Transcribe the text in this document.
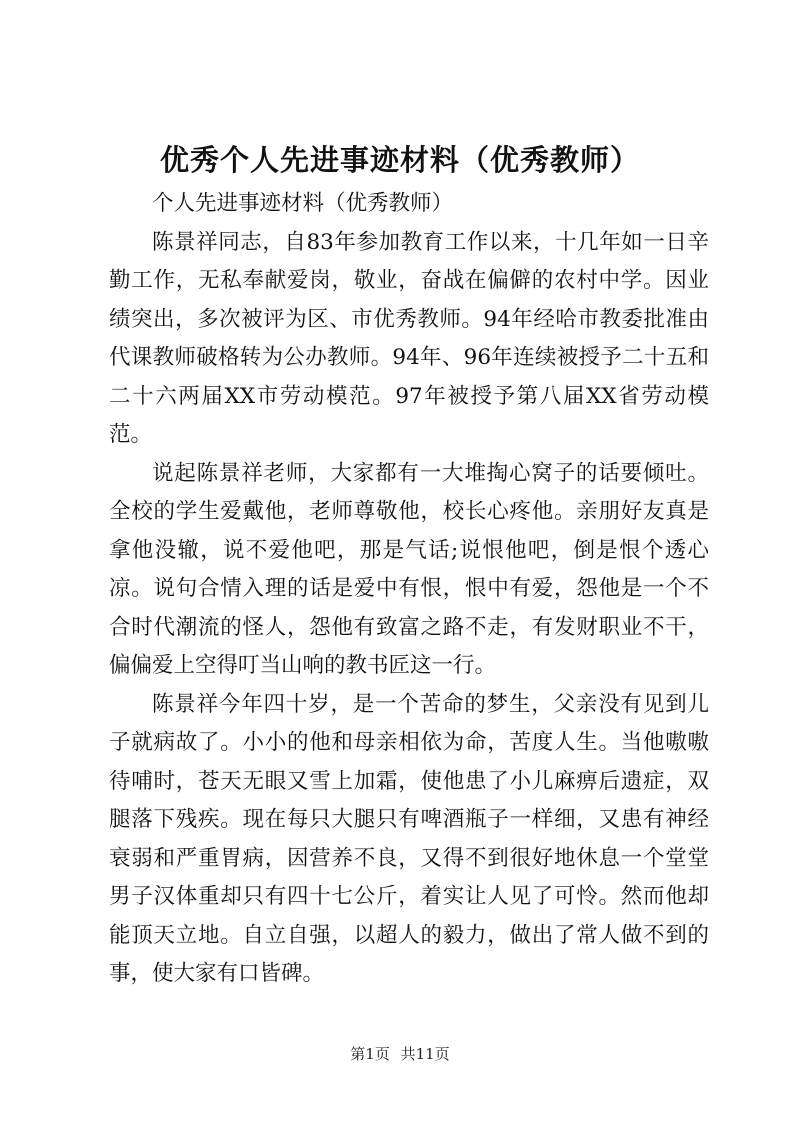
优秀个人先进事迹材料（优秀教师）

个人先进事迹材料（优秀教师）

陈景祥同志，自83年参加教育工作以来，十几年如一日辛勤工作，无私奉献爱岗，敬业，奋战在偏僻的农村中学。因业绩突出，多次被评为区、市优秀教师。94年经哈市教委批准由代课教师破格转为公办教师。94年、96年连续被授予二十五和二十六两届XX市劳动模范。97年被授予第八届XX省劳动模范。

说起陈景祥老师，大家都有一大堆掏心窝子的话要倾吐。全校的学生爱戴他，老师尊敬他，校长心疼他。亲朋好友真是拿他没辙，说不爱他吧，那是气话;说恨他吧，倒是恨个透心凉。说句合情入理的话是爱中有恨，恨中有爱，怨他是一个不合时代潮流的怪人，怨他有致富之路不走，有发财职业不干，偏偏爱上空得叮当山响的教书匠这一行。

陈景祥今年四十岁，是一个苦命的梦生，父亲没有见到儿子就病故了。小小的他和母亲相依为命，苦度人生。当他嗷嗷待哺时，苍天无眼又雪上加霜，使他患了小儿麻痹后遗症，双腿落下残疾。现在每只大腿只有啤酒瓶子一样细，又患有神经衰弱和严重胃病，因营养不良，又得不到很好地休息一个堂堂男子汉体重却只有四十七公斤，着实让人见了可怜。然而他却能顶天立地。自立自强，以超人的毅力，做出了常人做不到的事，使大家有口皆碑。

第1页 共11页
